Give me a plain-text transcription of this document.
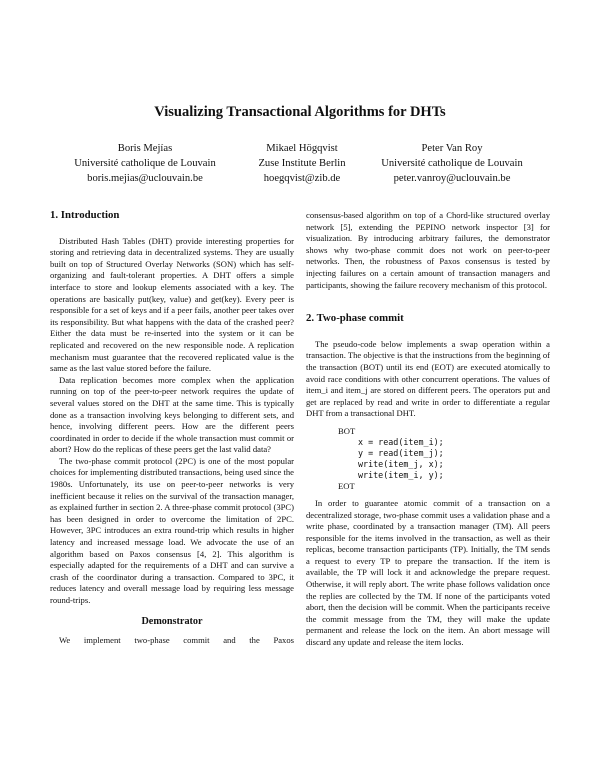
Visualizing Transactional Algorithms for DHTs
Boris Mejías
Université catholique de Louvain
boris.mejias@uclouvain.be
Mikael Högqvist
Zuse Institute Berlin
hoegqvist@zib.de
Peter Van Roy
Université catholique de Louvain
peter.vanroy@uclouvain.be
1. Introduction

Distributed Hash Tables (DHT) provide interesting properties for storing and retrieving data in decentralized systems. They are usually built on top of Structured Overlay Networks (SON) which has self-organizing and fault-tolerant properties. A DHT offers a simple interface to store and lookup elements associated with a key. The operations are basically put(key, value) and get(key). Every peer is responsible for a set of keys and if a peer fails, another peer takes over its responsibility. But what happens with the data of the crashed peer? Either the data must be re-inserted into the system or it can be replicated and recovered on the new responsible node. A replication mechanism must guarantee that the recovered replicated value is the same as the last value stored before the failure.

Data replication becomes more complex when the application running on top of the peer-to-peer network requires the update of several values stored on the DHT at the same time. This is typically done as a transaction involving keys belonging to different sets, and hence, involving different peers. How are the different peers coordinated in order to decide if the whole transaction must commit or abort? How do the replicas of these peers get the last valid data?

The two-phase commit protocol (2PC) is one of the most popular choices for implementing distributed transactions, being used since the 1980s. Unfortunately, its use on peer-to-peer networks is very inefficient because it relies on the survival of the transaction manager, as explained further in section 2. A three-phase commit protocol (3PC) has been designed in order to overcome the limitation of 2PC. However, 3PC introduces an extra round-trip which results in higher latency and increased message load. We advocate the use of an algorithm based on Paxos consensus [4, 2]. This algorithm is especially adapted for the requirements of a DHT and can survive a crash of the coordinator during a transaction. Compared to 3PC, it reduces latency and overall message load by requiring less message round-trips.

Demonstrator

We implement two-phase commit and the Paxos

consensus-based algorithm on top of a Chord-like structured overlay network [5], extending the PEPINO network inspector [3] for visualization. By introducing arbitrary failures, the demonstrator shows why two-phase commit does not work on peer-to-peer networks. Then, the robustness of Paxos consensus is tested by injecting failures on a certain amount of transaction managers and participants, showing the failure recovery mechanism of this protocol.

2. Two-phase commit

The pseudo-code below implements a swap operation within a transaction. The objective is that the instructions from the beginning of the transaction (BOT) until its end (EOT) are executed atomically to avoid race conditions with other concurrent operations. The values of item_i and item_j are stored on different peers. The operators put and get are replaced by read and write in order to differentiate a regular DHT from a transactional DHT.

BOT
x = read(item_i);
y = read(item_j);
write(item_j, x);
write(item_i, y);
EOT

In order to guarantee atomic commit of a transaction on a decentralized storage, two-phase commit uses a validation phase and a write phase, coordinated by a transaction manager (TM). All peers responsible for the items involved in the transaction, as well as their replicas, become transaction participants (TP). Initially, the TM sends a request to every TP to prepare the transaction. If the item is available, the TP will lock it and acknowledge the prepare request. Otherwise, it will reply abort. The write phase follows validation once the replies are collected by the TM. If none of the participants voted abort, then the decision will be commit. When the participants receive the commit message from the TM, they will make the update permanent and release the lock on the item. An abort message will discard any update and release the item locks.
